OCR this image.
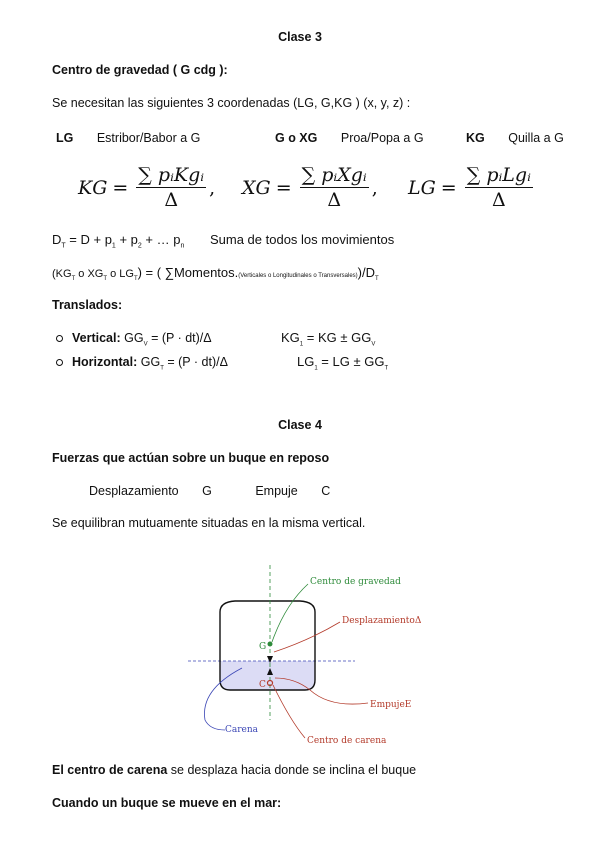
Clase 3
Centro de gravedad ( G cdg ):
Se necesitan las siguientes 3 coordenadas (LG, G,KG ) (x, y, z) :
LG Estribor/Babor a G	G o XG Proa/Popa a G	KG Quilla a G
KG = $\frac{\text{∑ pᵢKgᵢ}}{\Delta}$ , XG = $\frac{\text{∑ pᵢXgᵢ}}{\Delta}$ , LG = $\frac{\text{∑ pᵢLgᵢ}}{\Delta}$
$D_T = D + p_1 + p_2$ + … $p_n$ Suma de todos los movimientos
($KG_T$ o $XG_T$ o $LG_T$) = ( ∑Momentos.(Verticales o Longitudinales o $Transversales))/D_T$
Translados:
Vertical: $GG_V = (P \cdot dt)/\Delta$	$KG_1$ = KG ± $GG_V$
Horizontal: $GG_T = (P \cdot dt)/\Delta$	$LG_1$ = LG ± $GG_T$
Clase 4
Fuerzas que actúan sobre un buque en reposo
Desplazamiento G	Empuje C
Se equilibran mutuamente situadas en la misma vertical.
G
C
Centro de gravedad
DesplazamientoΔ
EmpujeE
Carena
Centro de carena
El centro de carena se desplaza hacia donde se inclina el buque
Cuando un buque se mueve en el mar:
